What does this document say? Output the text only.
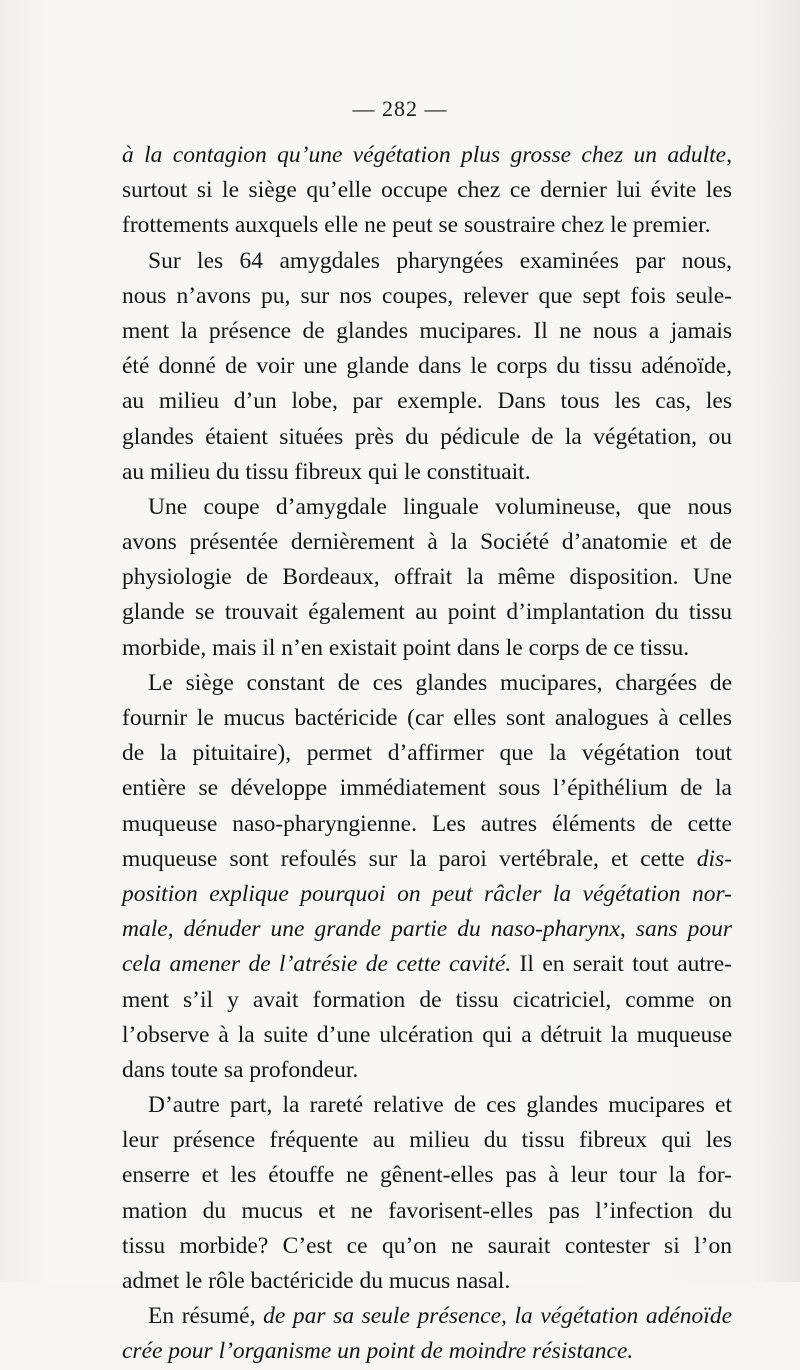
— 282 —
à la contagion qu’une végétation plus grosse chez un adulte,
surtout si le siège qu’elle occupe chez ce dernier lui évite les
frottements auxquels elle ne peut se soustraire chez le premier.
Sur les 64 amygdales pharyngées examinées par nous,
nous n’avons pu, sur nos coupes, relever que sept fois seule-
ment la présence de glandes mucipares. Il ne nous a jamais
été donné de voir une glande dans le corps du tissu adénoïde,
au milieu d’un lobe, par exemple. Dans tous les cas, les
glandes étaient situées près du pédicule de la végétation, ou
au milieu du tissu fibreux qui le constituait.
Une coupe d’amygdale linguale volumineuse, que nous
avons présentée dernièrement à la Société d’anatomie et de
physiologie de Bordeaux, offrait la même disposition. Une
glande se trouvait également au point d’implantation du tissu
morbide, mais il n’en existait point dans le corps de ce tissu.
Le siège constant de ces glandes mucipares, chargées de
fournir le mucus bactéricide (car elles sont analogues à celles
de la pituitaire), permet d’affirmer que la végétation tout
entière se développe immédiatement sous l’épithélium de la
muqueuse naso-pharyngienne. Les autres éléments de cette
muqueuse sont refoulés sur la paroi vertébrale, et cette dis-
position explique pourquoi on peut râcler la végétation nor-
male, dénuder une grande partie du naso-pharynx, sans pour
cela amener de l’atrésie de cette cavité. Il en serait tout autre-
ment s’il y avait formation de tissu cicatriciel, comme on
l’observe à la suite d’une ulcération qui a détruit la muqueuse
dans toute sa profondeur.
D’autre part, la rareté relative de ces glandes mucipares et
leur présence fréquente au milieu du tissu fibreux qui les
enserre et les étouffe ne gênent-elles pas à leur tour la for-
mation du mucus et ne favorisent-elles pas l’infection du
tissu morbide? C’est ce qu’on ne saurait contester si l’on
admet le rôle bactéricide du mucus nasal.
En résumé, de par sa seule présence, la végétation adénoïde
crée pour l’organisme un point de moindre résistance.
